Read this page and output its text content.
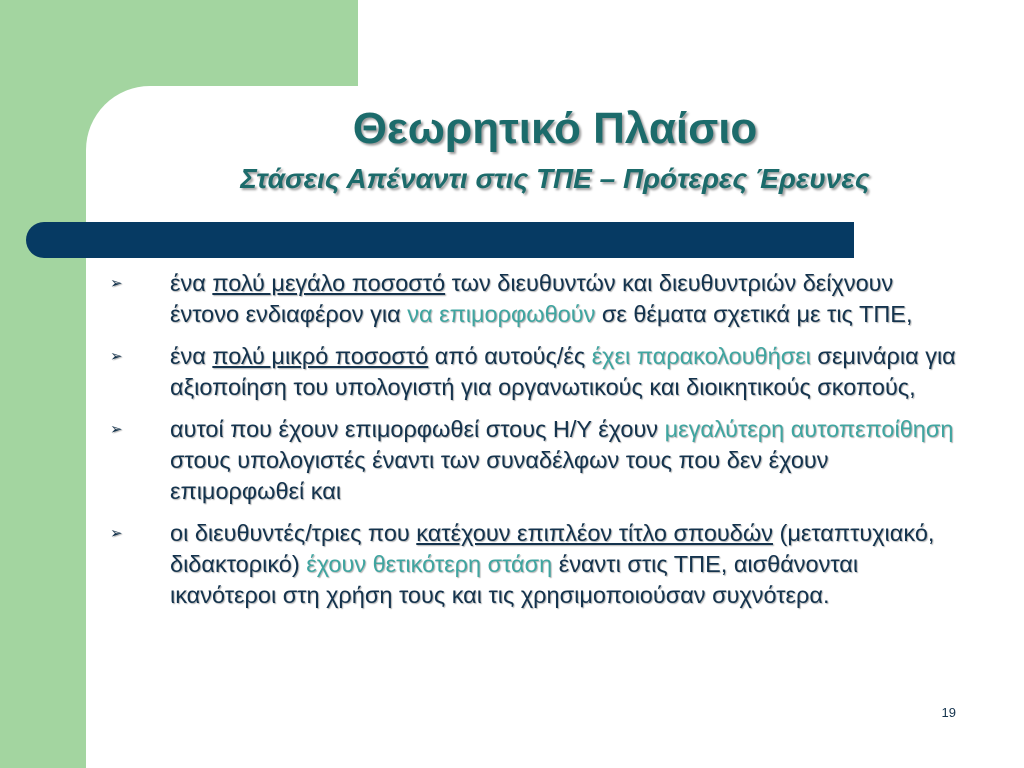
Θεωρητικό Πλαίσιο
Στάσεις Απέναντι στις ΤΠΕ – Πρότερες Έρευνες
➢ ένα πολύ μεγάλο ποσοστό των διευθυντών και διευθυντριών δείχνουν έντονο ενδιαφέρον για να επιμορφωθούν σε θέματα σχετικά με τις ΤΠΕ,
➢ ένα πολύ μικρό ποσοστό από αυτούς/ές έχει παρακολουθήσει σεμινάρια για αξιοποίηση του υπολογιστή για οργανωτικούς και διοικητικούς σκοπούς,
➢ αυτοί που έχουν επιμορφωθεί στους Η/Υ έχουν μεγαλύτερη αυτοπεποίθηση στους υπολογιστές έναντι των συναδέλφων τους που δεν έχουν επιμορφωθεί και
➢ οι διευθυντές/τριες που κατέχουν επιπλέον τίτλο σπουδών (μεταπτυχιακό, διδακτορικό) έχουν θετικότερη στάση έναντι στις ΤΠΕ, αισθάνονται ικανότεροι στη χρήση τους και τις χρησιμοποιούσαν συχνότερα.
19
